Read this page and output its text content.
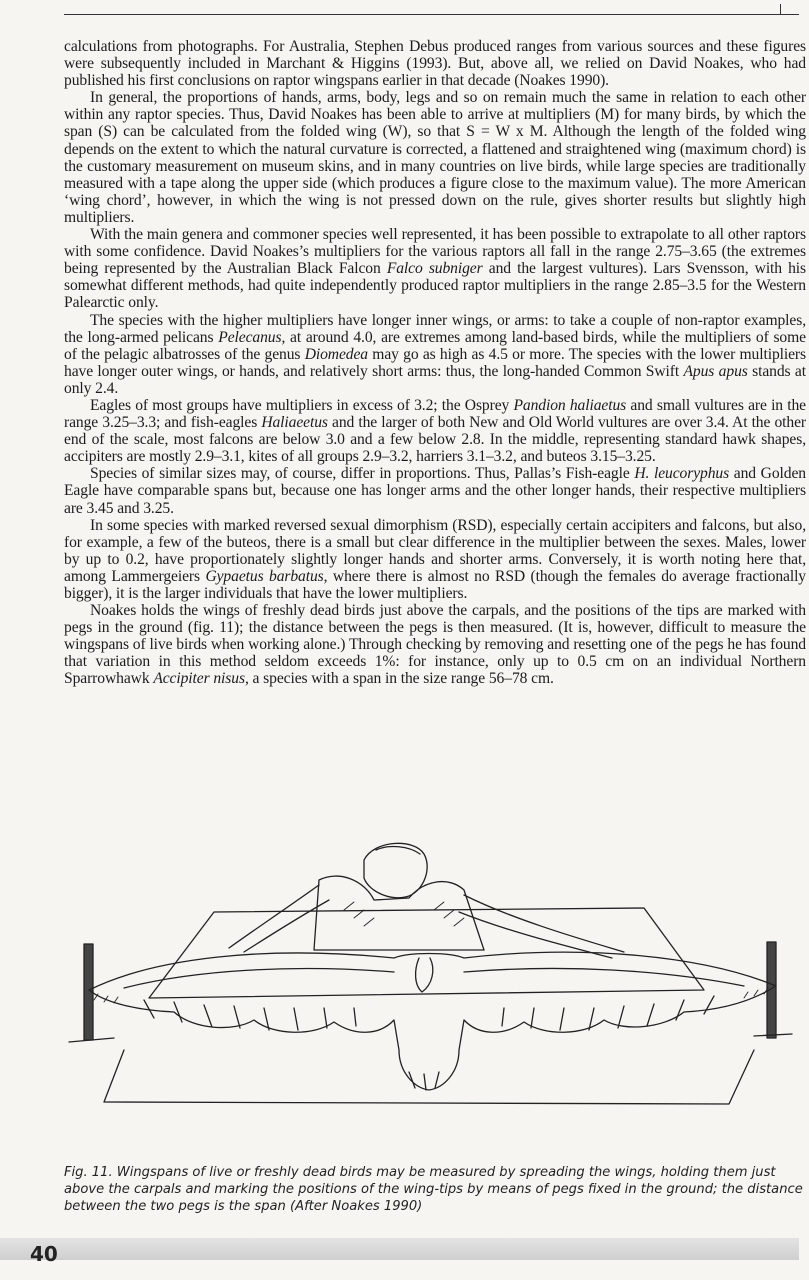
calculations from photographs. For Australia, Stephen Debus produced ranges from various sources and these figures were subsequently included in Marchant & Higgins (1993). But, above all, we relied on David Noakes, who had published his first conclusions on raptor wingspans earlier in that decade (Noakes 1990).

In general, the proportions of hands, arms, body, legs and so on remain much the same in relation to each other within any raptor species. Thus, David Noakes has been able to arrive at multipliers (M) for many birds, by which the span (S) can be calculated from the folded wing (W), so that S = W x M. Although the length of the folded wing depends on the extent to which the natural curvature is corrected, a flattened and straightened wing (maximum chord) is the customary measurement on museum skins, and in many countries on live birds, while large species are traditionally measured with a tape along the upper side (which produces a figure close to the maximum value). The more American ‘wing chord’, however, in which the wing is not pressed down on the rule, gives shorter results but slightly high multipliers.

With the main genera and commoner species well represented, it has been possible to extrapolate to all other raptors with some confidence. David Noakes’s multipliers for the various raptors all fall in the range 2.75–3.65 (the extremes being represented by the Australian Black Falcon Falco subniger and the largest vultures). Lars Svensson, with his somewhat different methods, had quite independently produced raptor multipliers in the range 2.85–3.5 for the Western Palearctic only.

The species with the higher multipliers have longer inner wings, or arms: to take a couple of non-raptor examples, the long-armed pelicans Pelecanus, at around 4.0, are extremes among land-based birds, while the multipliers of some of the pelagic albatrosses of the genus Diomedea may go as high as 4.5 or more. The species with the lower multipliers have longer outer wings, or hands, and relatively short arms: thus, the long-handed Common Swift Apus apus stands at only 2.4.

Eagles of most groups have multipliers in excess of 3.2; the Osprey Pandion haliaetus and small vultures are in the range 3.25–3.3; and fish-eagles Haliaeetus and the larger of both New and Old World vultures are over 3.4. At the other end of the scale, most falcons are below 3.0 and a few below 2.8. In the middle, representing standard hawk shapes, accipiters are mostly 2.9–3.1, kites of all groups 2.9–3.2, harriers 3.1–3.2, and buteos 3.15–3.25.

Species of similar sizes may, of course, differ in proportions. Thus, Pallas’s Fish-eagle H. leucoryphus and Golden Eagle have comparable spans but, because one has longer arms and the other longer hands, their respective multipliers are 3.45 and 3.25.

In some species with marked reversed sexual dimorphism (RSD), especially certain accipiters and falcons, but also, for example, a few of the buteos, there is a small but clear difference in the multiplier between the sexes. Males, lower by up to 0.2, have proportionately slightly longer hands and shorter arms. Conversely, it is worth noting here that, among Lammergeiers Gypaetus barbatus, where there is almost no RSD (though the females do average fractionally bigger), it is the larger individuals that have the lower multipliers.

Noakes holds the wings of freshly dead birds just above the carpals, and the positions of the tips are marked with pegs in the ground (fig. 11); the distance between the pegs is then measured. (It is, however, difficult to measure the wingspans of live birds when working alone.) Through checking by removing and resetting one of the pegs he has found that variation in this method seldom exceeds 1%: for instance, only up to 0.5 cm on an individual Northern Sparrowhawk Accipiter nisus, a species with a span in the size range 56–78 cm.

Fig. 11. Wingspans of live or freshly dead birds may be measured by spreading the wings, holding them just above the carpals and marking the positions of the wing-tips by means of pegs fixed in the ground; the distance between the two pegs is the span (After Noakes 1990)
40
